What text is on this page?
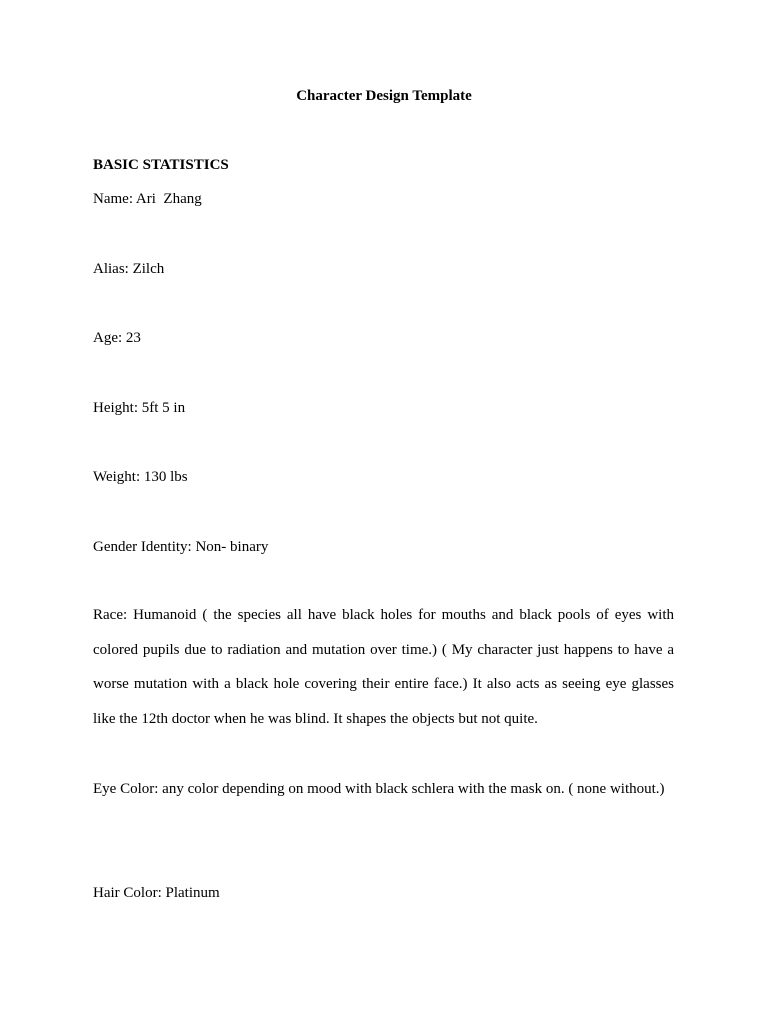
Character Design Template
BASIC STATISTICS
Name: Ari  Zhang
Alias: Zilch
Age: 23
Height: 5ft 5 in
Weight: 130 lbs
Gender Identity: Non- binary
Race: Humanoid ( the species all have black holes for mouths and black pools of eyes with colored pupils due to radiation and mutation over time.) ( My character just happens to have a worse mutation with a black hole covering their entire face.) It also acts as seeing eye glasses like the 12th doctor when he was blind. It shapes the objects but not quite.
Eye Color: any color depending on mood with black schlera with the mask on. ( none without.)
Hair Color: Platinum
